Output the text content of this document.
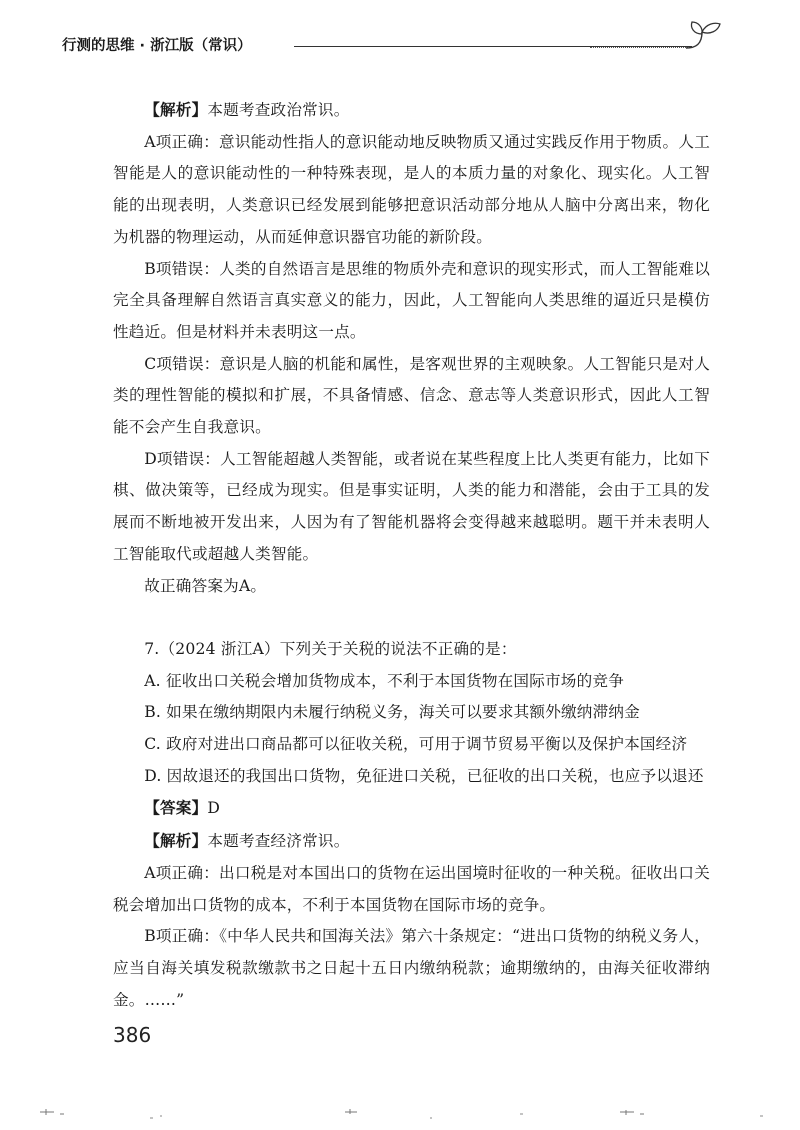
行测的思维 · 浙江版（常识）

【解析】本题考查政治常识。

A项正确：意识能动性指人的意识能动地反映物质又通过实践反作用于物质。人工智能是人的意识能动性的一种特殊表现，是人的本质力量的对象化、现实化。人工智能的出现表明，人类意识已经发展到能够把意识活动部分地从人脑中分离出来，物化为机器的物理运动，从而延伸意识器官功能的新阶段。

B项错误：人类的自然语言是思维的物质外壳和意识的现实形式，而人工智能难以完全具备理解自然语言真实意义的能力，因此，人工智能向人类思维的逼近只是模仿性趋近。但是材料并未表明这一点。

C项错误：意识是人脑的机能和属性，是客观世界的主观映象。人工智能只是对人类的理性智能的模拟和扩展，不具备情感、信念、意志等人类意识形式，因此人工智能不会产生自我意识。

D项错误：人工智能超越人类智能，或者说在某些程度上比人类更有能力，比如下棋、做决策等，已经成为现实。但是事实证明，人类的能力和潜能，会由于工具的发展而不断地被开发出来，人因为有了智能机器将会变得越来越聪明。题干并未表明人工智能取代或超越人类智能。

故正确答案为A。

7.（2024 浙江A）下列关于关税的说法不正确的是：

A. 征收出口关税会增加货物成本，不利于本国货物在国际市场的竞争

B. 如果在缴纳期限内未履行纳税义务，海关可以要求其额外缴纳滞纳金

C. 政府对进出口商品都可以征收关税，可用于调节贸易平衡以及保护本国经济

D. 因故退还的我国出口货物，免征进口关税，已征收的出口关税，也应予以退还

【答案】D

【解析】本题考查经济常识。

A项正确：出口税是对本国出口的货物在运出国境时征收的一种关税。征收出口关税会增加出口货物的成本，不利于本国货物在国际市场的竞争。

B项正确：《中华人民共和国海关法》第六十条规定：“进出口货物的纳税义务人，应当自海关填发税款缴款书之日起十五日内缴纳税款；逾期缴纳的，由海关征收滞纳金。……”

386
